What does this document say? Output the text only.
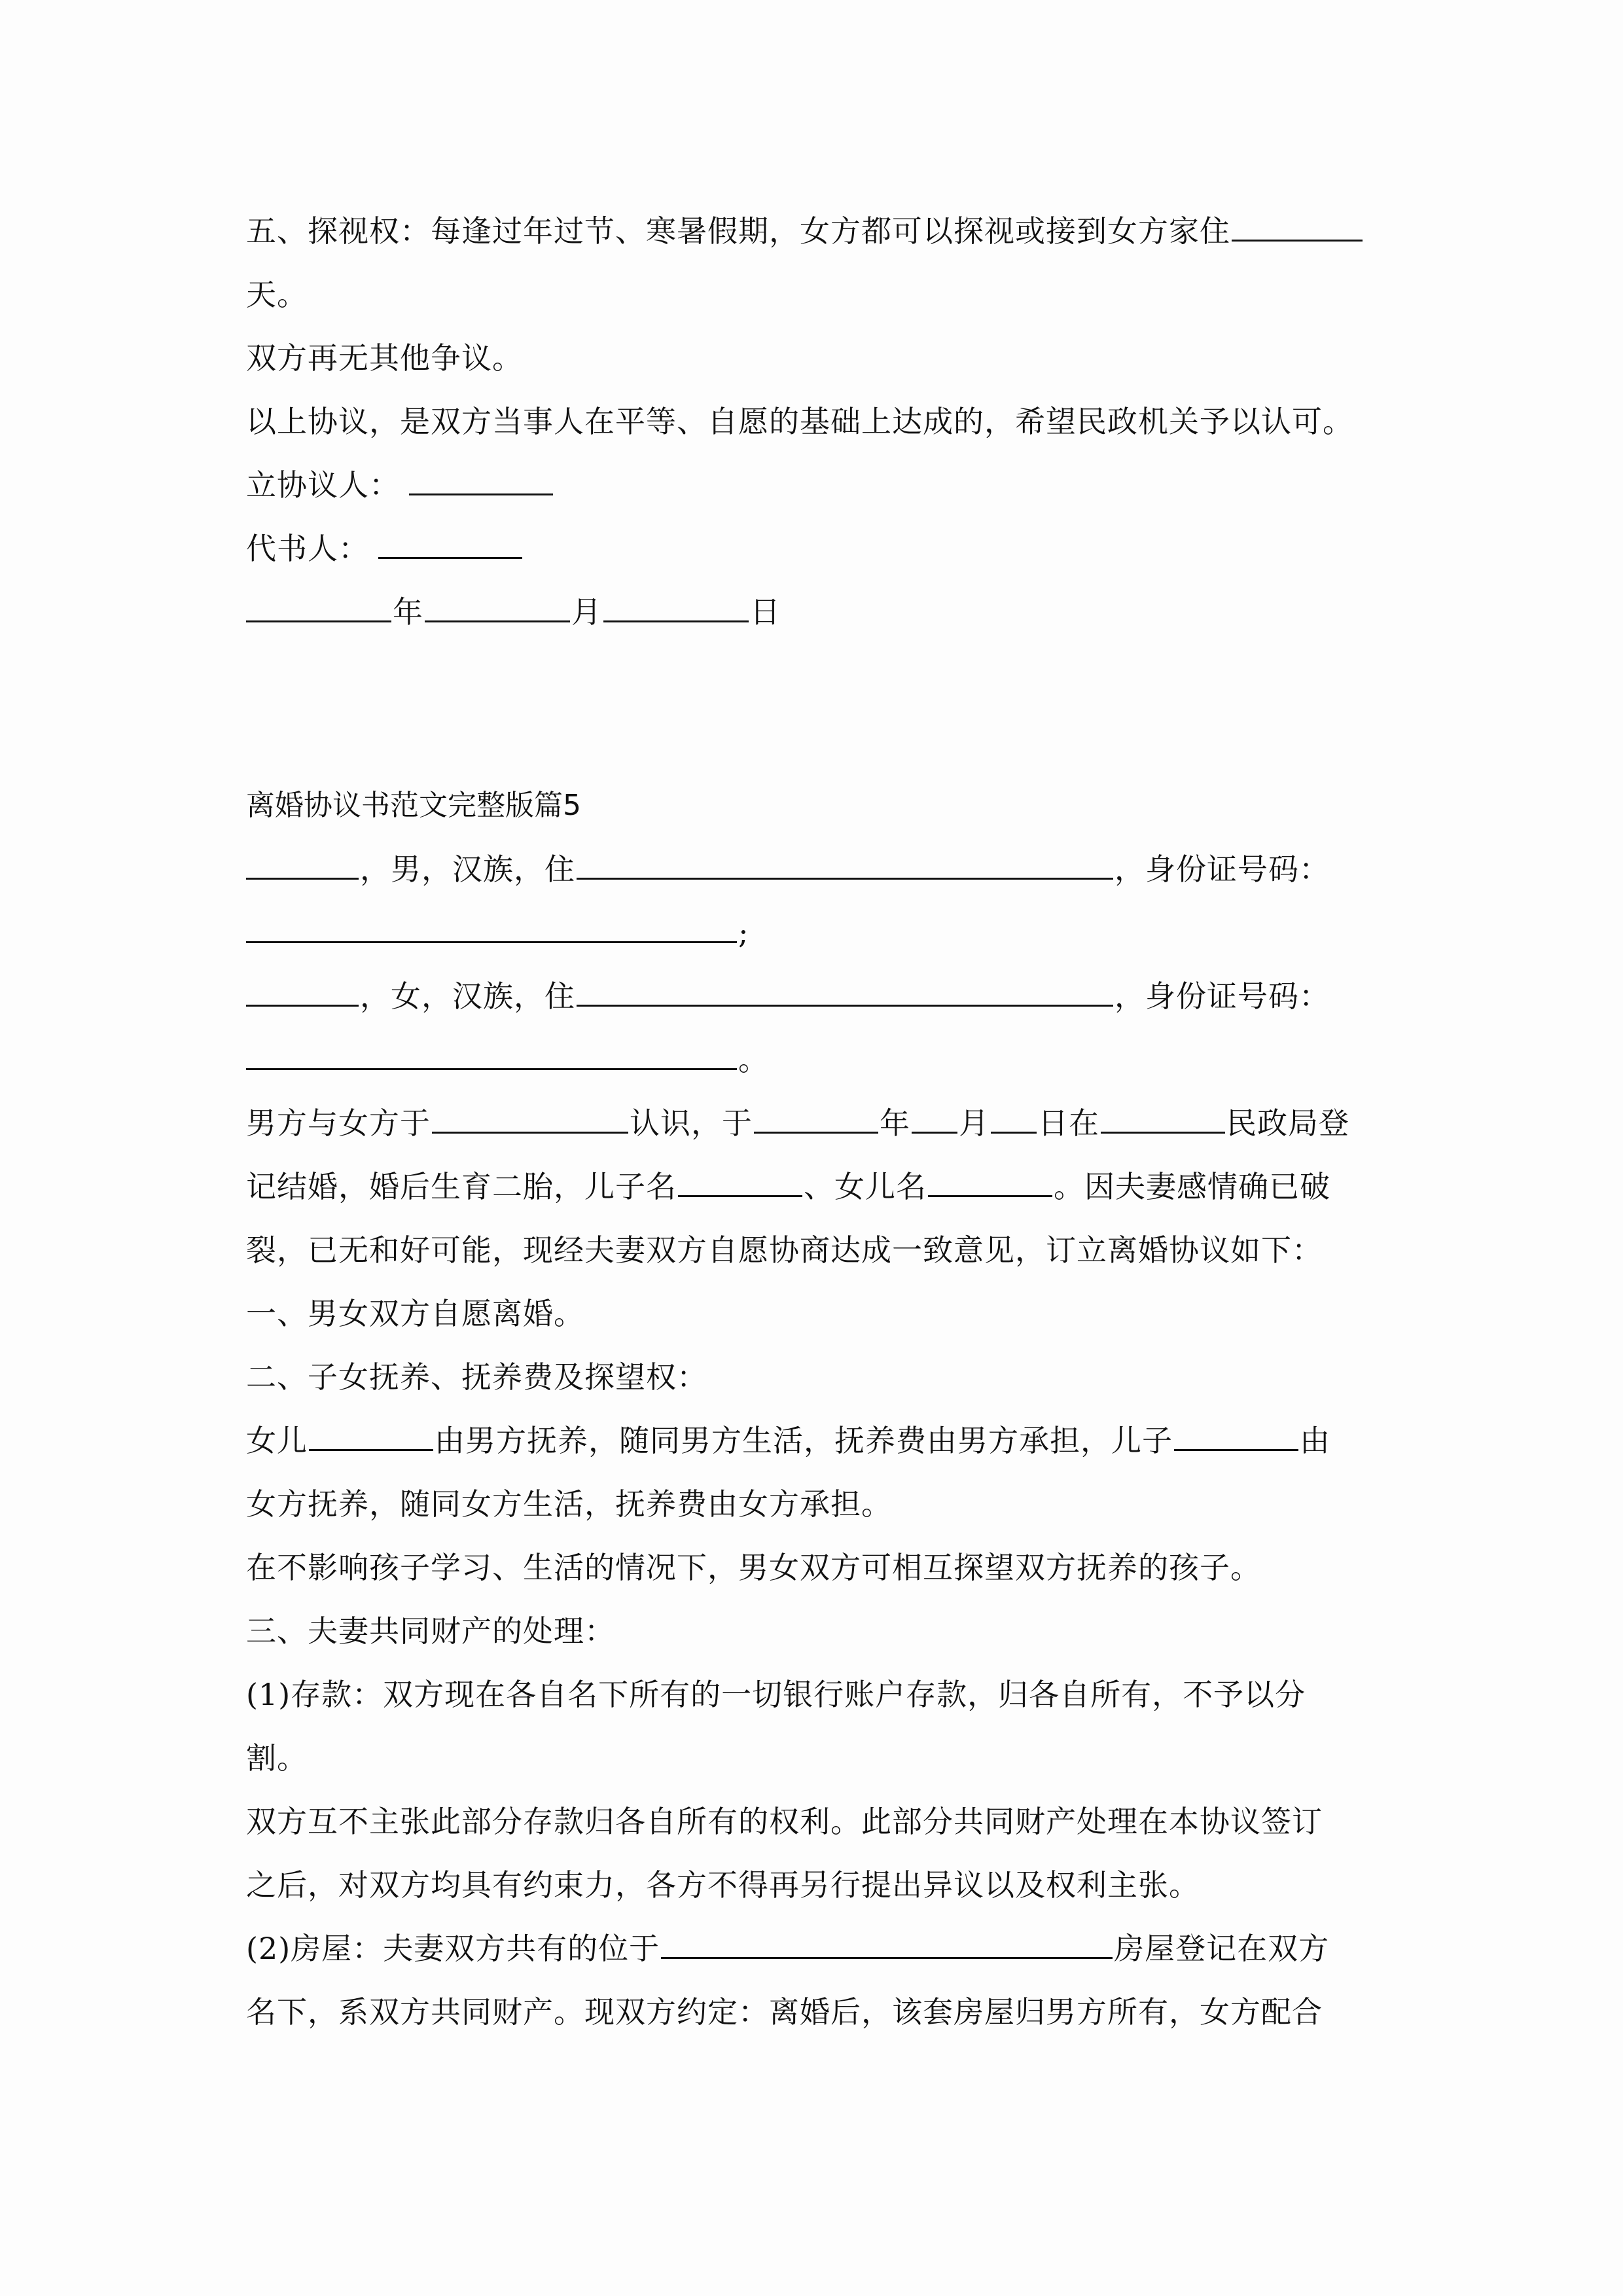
五、探视权：每逢过年过节、寒暑假期，女方都可以探视或接到女方家住
天。
双方再无其他争议。
以上协议，是双方当事人在平等、自愿的基础上达成的，希望民政机关予以认可。
立协议人：
代书人：
年	月	日
离婚协议书范文完整版篇5
，男，汉族，住	，身份证号码：
;
，女，汉族，住	，身份证号码：
。
男方与女方于	认识，于	年 月 日在	民政局登
记结婚，婚后生育二胎，儿子名	、女儿名	。因夫妻感情确已破
裂，已无和好可能，现经夫妻双方自愿协商达成一致意见，订立离婚协议如下：
一、男女双方自愿离婚。
二、子女抚养、抚养费及探望权：
女儿	由男方抚养，随同男方生活，抚养费由男方承担，儿子	由
女方抚养，随同女方生活，抚养费由女方承担。
在不影响孩子学习、生活的情况下，男女双方可相互探望双方抚养的孩子。
三、夫妻共同财产的处理：
(1)存款：双方现在各自名下所有的一切银行账户存款，归各自所有，不予以分
割。
双方互不主张此部分存款归各自所有的权利。此部分共同财产处理在本协议签订
之后，对双方均具有约束力，各方不得再另行提出异议以及权利主张。
(2)房屋：夫妻双方共有的位于	房屋登记在双方
名下，系双方共同财产。现双方约定：离婚后，该套房屋归男方所有，女方配合
